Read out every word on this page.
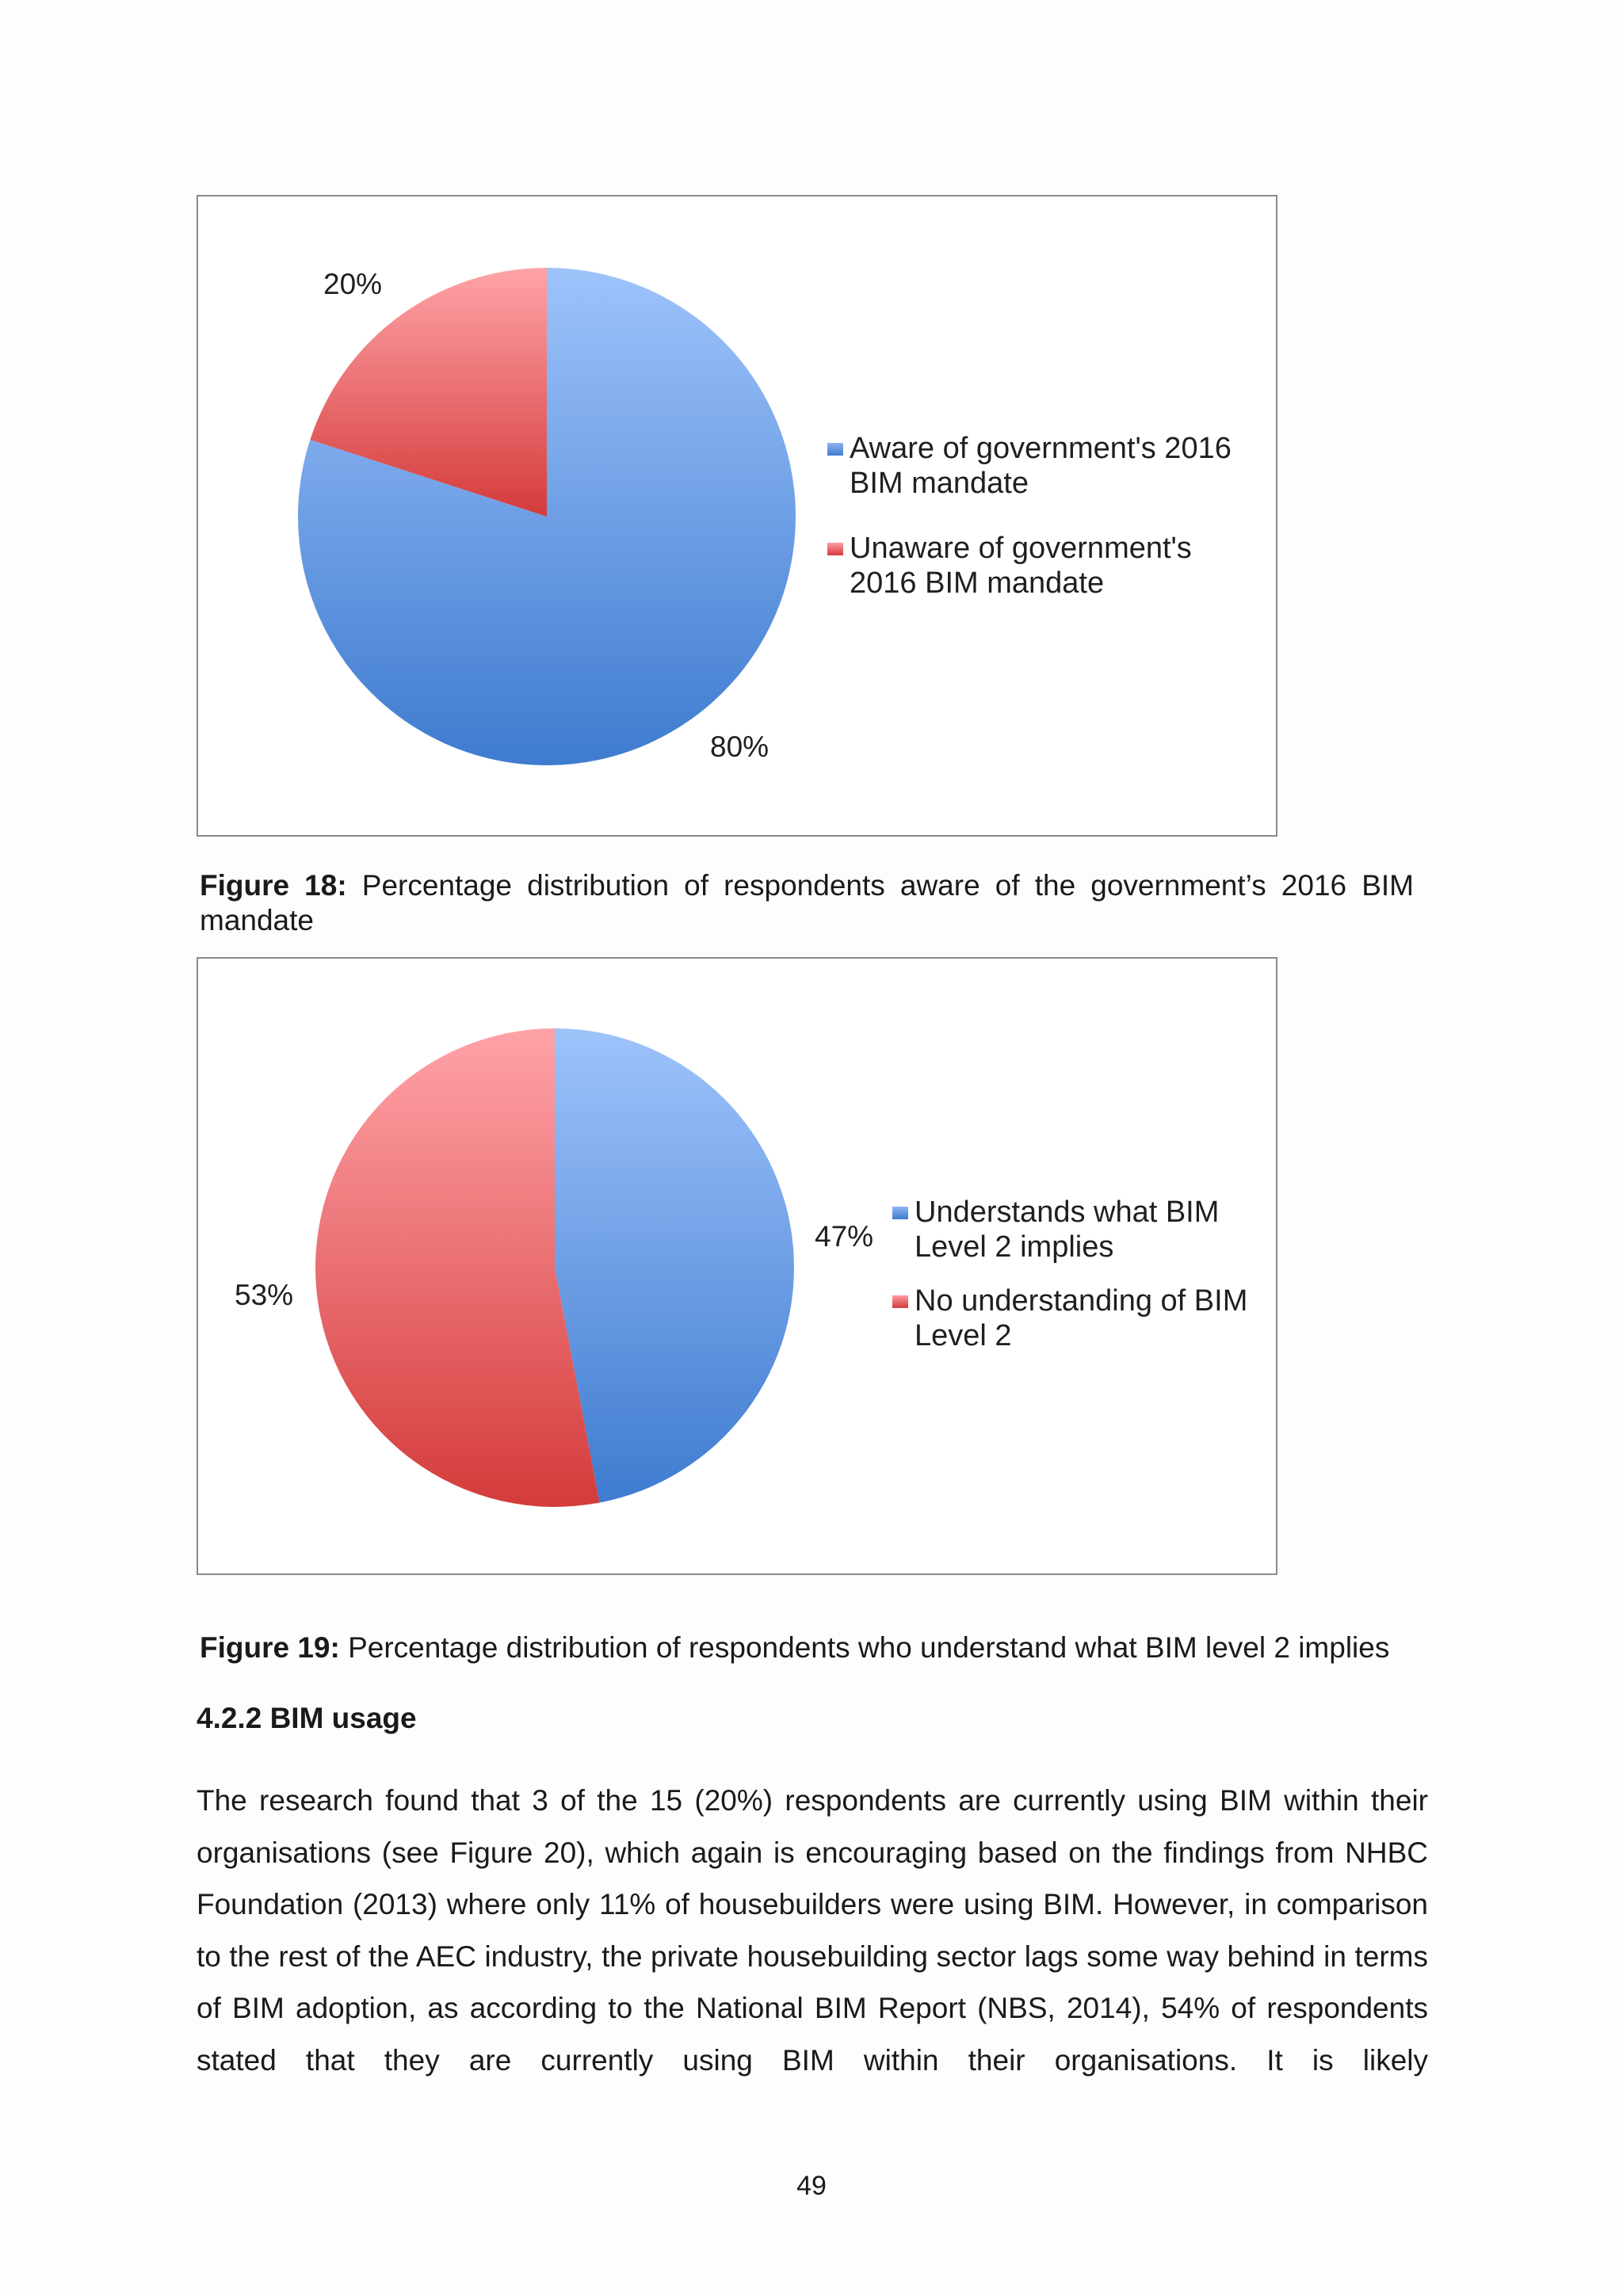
20%
80%
Aware of government's 2016
BIM mandate
Unaware of government's
2016 BIM mandate
Figure 18: Percentage distribution of respondents aware of the government’s 2016 BIM mandate
47%
53%
Understands what BIM
Level 2 implies
No understanding of BIM
Level 2
Figure 19: Percentage distribution of respondents who understand what BIM level 2 implies
4.2.2 BIM usage
The research found that 3 of the 15 (20%) respondents are currently using BIM within their organisations (see Figure 20), which again is encouraging based on the findings from NHBC Foundation (2013) where only 11% of housebuilders were using BIM. However, in comparison to the rest of the AEC industry, the private housebuilding sector lags some way behind in terms of BIM adoption, as according to the National BIM Report (NBS, 2014), 54% of respondents stated that they are currently using BIM within their organisations. It is likely
49
